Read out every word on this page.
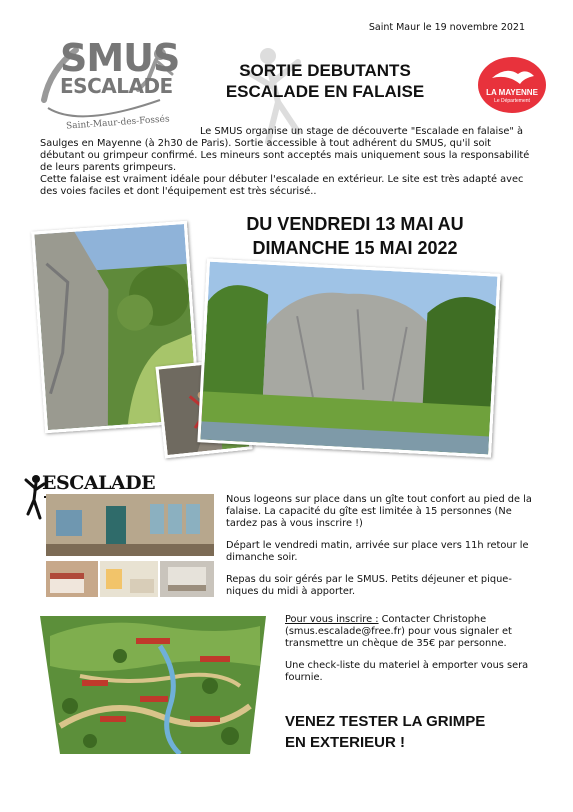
Saint Maur le 19 novembre 2021
SMUS
ESCALADE
Saint-Maur-des-Fossés
SORTIE DEBUTANTS
ESCALADE EN FALAISE	LA MAYENNE
Le Département

Le SMUS organise un stage de découverte "Escalade en falaise" à Saulges en Mayenne (à 2h30 de Paris). Sortie accessible à tout adhérent du SMUS, qu'il soit débutant ou grimpeur confirmé. Les mineurs sont acceptés mais uniquement sous la responsabilité de leurs parents grimpeurs.

Cette falaise est vraiment idéale pour débuter l'escalade en extérieur. Le site est très adapté avec des voies faciles et dont l'équipement est très sécurisé..

DU VENDREDI 13 MAI AU
DIMANCHE 15 MAI 2022
ESCALADE

Nous logeons sur place dans un gîte tout confort au pied de la falaise. La capacité du gîte est limitée à 15 personnes (Ne tardez pas à vous inscrire !)

Départ le vendredi matin, arrivée sur place vers 11h retour le dimanche soir.

Repas du soir gérés par le SMUS. Petits déjeuner et pique-niques du midi à apporter.

Pour vous inscrire : Contacter Christophe (smus.escalade@free.fr) pour vous signaler et transmettre un chèque de 35€ par personne.

Une check-liste du materiel à emporter vous sera fournie.

VENEZ TESTER LA GRIMPE
EN EXTERIEUR !
